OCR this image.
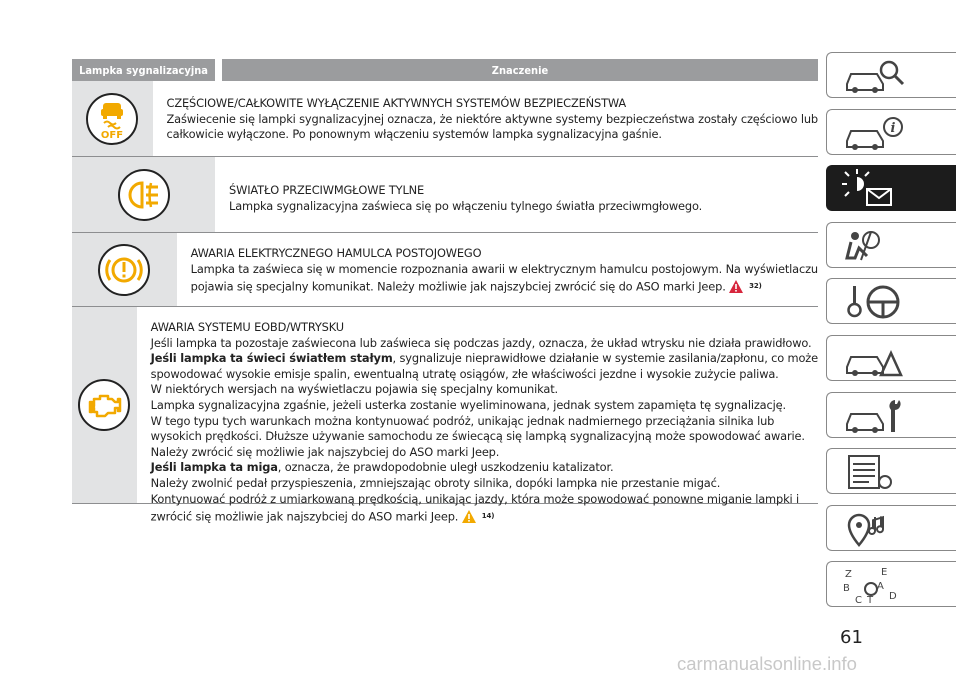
Lampka sygnalizacyjna	Znaczenie
OFF
CZĘŚCIOWE/CAŁKOWITE WYŁĄCZENIE AKTYWNYCH SYSTEMÓW BEZPIECZEŃSTWA
Zaświecenie się lampki sygnalizacyjnej oznacza, że niektóre aktywne systemy bezpieczeństwa zostały częściowo lub
całkowicie wyłączone. Po ponownym włączeniu systemów lampka sygnalizacyjna gaśnie.
ŚWIATŁO PRZECIWMGŁOWE TYLNE
Lampka sygnalizacyjna zaświeca się po włączeniu tylnego światła przeciwmgłowego.
AWARIA ELEKTRYCZNEGO HAMULCA POSTOJOWEGO
Lampka ta zaświeca się w momencie rozpoznania awarii w elektrycznym hamulcu postojowym. Na wyświetlaczu
pojawia się specjalny komunikat. Należy możliwie jak najszybciej zwrócić się do ASO marki Jeep.	32)
AWARIA SYSTEMU EOBD/WTRYSKU
Jeśli lampka ta pozostaje zaświecona lub zaświeca się podczas jazdy, oznacza, że układ wtrysku nie działa prawidłowo.
Jeśli lampka ta świeci światłem stałym, sygnalizuje nieprawidłowe działanie w systemie zasilania/zapłonu, co może
spowodować wysokie emisje spalin, ewentualną utratę osiągów, złe właściwości jezdne i wysokie zużycie paliwa.
W niektórych wersjach na wyświetlaczu pojawia się specjalny komunikat.
Lampka sygnalizacyjna zgaśnie, jeżeli usterka zostanie wyeliminowana, jednak system zapamięta tę sygnalizację.
W tego typu tych warunkach można kontynuować podróż, unikając jednak nadmiernego przeciążania silnika lub
wysokich prędkości. Dłuższe używanie samochodu ze świecącą się lampką sygnalizacyjną może spowodować awarie.
Należy zwrócić się możliwie jak najszybciej do ASO marki Jeep.
Jeśli lampka ta miga, oznacza, że prawdopodobnie uległ uszkodzeniu katalizator.
Należy zwolnić pedał przyspieszenia, zmniejszając obroty silnika, dopóki lampka nie przestanie migać.
Kontynuować podróż z umiarkowaną prędkością, unikając jazdy, która może spowodować ponowne miganie lampki i
zwrócić się możliwie jak najszybciej do ASO marki Jeep.	14)
i
Z	E
B	A
C T D
61
carmanualsonline.info
